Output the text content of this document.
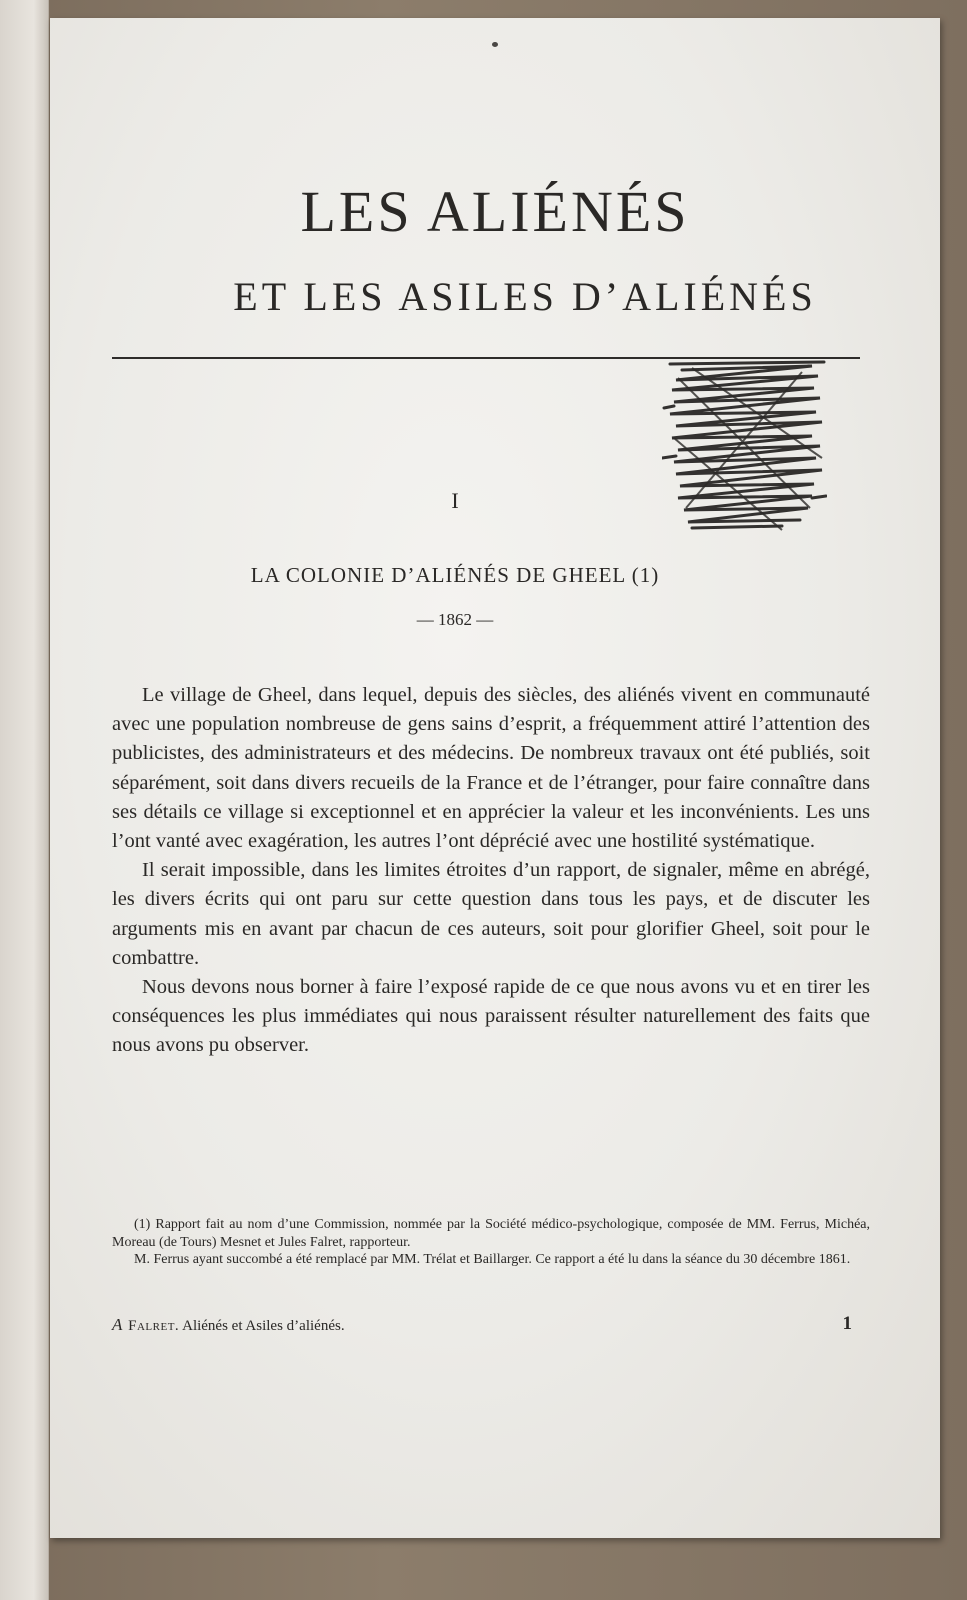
LES ALIÉNÉS
ET LES ASILES D’ALIÉNÉS
I
LA COLONIE D’ALIÉNÉS DE GHEEL (1)
— 1862 —

Le village de Gheel, dans lequel, depuis des siècles, des aliénés vivent en communauté avec une population nombreuse de gens sains d’esprit, a fréquemment attiré l’attention des publicistes, des administrateurs et des médecins. De nombreux travaux ont été publiés, soit séparément, soit dans divers recueils de la France et de l’étranger, pour faire connaître dans ses détails ce village si exceptionnel et en apprécier la valeur et les inconvénients. Les uns l’ont vanté avec exagération, les autres l’ont déprécié avec une hostilité systématique.

Il serait impossible, dans les limites étroites d’un rapport, de signaler, même en abrégé, les divers écrits qui ont paru sur cette question dans tous les pays, et de discuter les arguments mis en avant par chacun de ces auteurs, soit pour glorifier Gheel, soit pour le combattre.

Nous devons nous borner à faire l’exposé rapide de ce que nous avons vu et en tirer les conséquences les plus immédiates qui nous paraissent résulter naturellement des faits que nous avons pu observer.

(1) Rapport fait au nom d’une Commission, nommée par la Société médico-psychologique, composée de MM. Ferrus, Michéa, Moreau (de Tours) Mesnet et Jules Falret, rapporteur.

M. Ferrus ayant succombé a été remplacé par MM. Trélat et Baillarger. Ce rapport a été lu dans la séance du 30 décembre 1861.

A Falret. Aliénés et Asiles d’aliénés.	1
